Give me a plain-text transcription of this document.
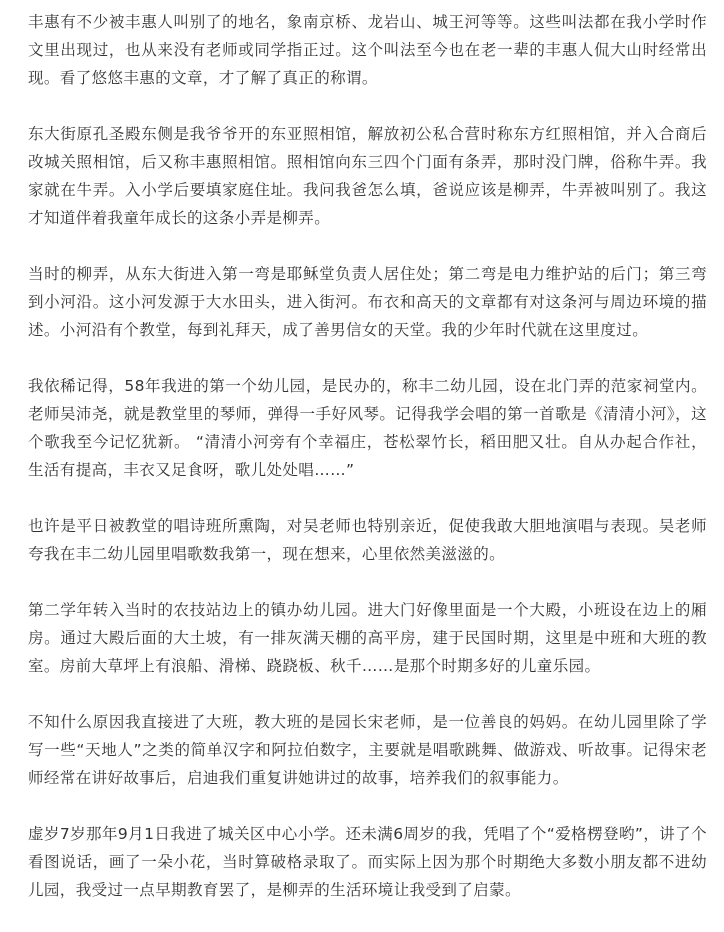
丰惠有不少被丰惠人叫别了的地名，象南京桥、龙岩山、城王河等等。这些叫法都在我小学时作文里出现过，也从来没有老师或同学指正过。这个叫法至今也在老一辈的丰惠人侃大山时经常出现。看了悠悠丰惠的文章，才了解了真正的称谓。

东大街原孔圣殿东侧是我爷爷开的东亚照相馆，解放初公私合营时称东方红照相馆，并入合商后改城关照相馆，后又称丰惠照相馆。照相馆向东三四个门面有条弄，那时没门牌，俗称牛弄。我家就在牛弄。入小学后要填家庭住址。我问我爸怎么填，爸说应该是柳弄，牛弄被叫别了。我这才知道伴着我童年成长的这条小弄是柳弄。

当时的柳弄，从东大街进入第一弯是耶稣堂负责人居住处；第二弯是电力维护站的后门；第三弯到小河沿。这小河发源于大水田头，进入街河。布衣和高天的文章都有对这条河与周边环境的描述。小河沿有个教堂，每到礼拜天，成了善男信女的天堂。我的少年时代就在这里度过。

我依稀记得，58年我进的第一个幼儿园，是民办的，称丰二幼儿园，设在北门弄的范家祠堂内。老师吴沛尧，就是教堂里的琴师，弹得一手好风琴。记得我学会唱的第一首歌是《清清小河》，这个歌我至今记忆犹新。 “清清小河旁有个幸福庄，苍松翠竹长，稻田肥又壮。自从办起合作社，生活有提高，丰衣又足食呀，歌儿处处唱……”

也许是平日被教堂的唱诗班所熏陶，对吴老师也特别亲近，促使我敢大胆地演唱与表现。吴老师夸我在丰二幼儿园里唱歌数我第一，现在想来，心里依然美滋滋的。

第二学年转入当时的农技站边上的镇办幼儿园。进大门好像里面是一个大殿，小班设在边上的厢房。通过大殿后面的大土坡，有一排灰满天棚的高平房，建于民国时期，这里是中班和大班的教室。房前大草坪上有浪船、滑梯、跷跷板、秋千……是那个时期多好的儿童乐园。

不知什么原因我直接进了大班，教大班的是园长宋老师，是一位善良的妈妈。在幼儿园里除了学写一些“天地人”之类的简单汉字和阿拉伯数字，主要就是唱歌跳舞、做游戏、听故事。记得宋老师经常在讲好故事后，启迪我们重复讲她讲过的故事，培养我们的叙事能力。

虚岁7岁那年9月1日我进了城关区中心小学。还未满6周岁的我，凭唱了个“爱格楞登哟”，讲了个看图说话，画了一朵小花，当时算破格录取了。而实际上因为那个时期绝大多数小朋友都不进幼儿园，我受过一点早期教育罢了，是柳弄的生活环境让我受到了启蒙。
